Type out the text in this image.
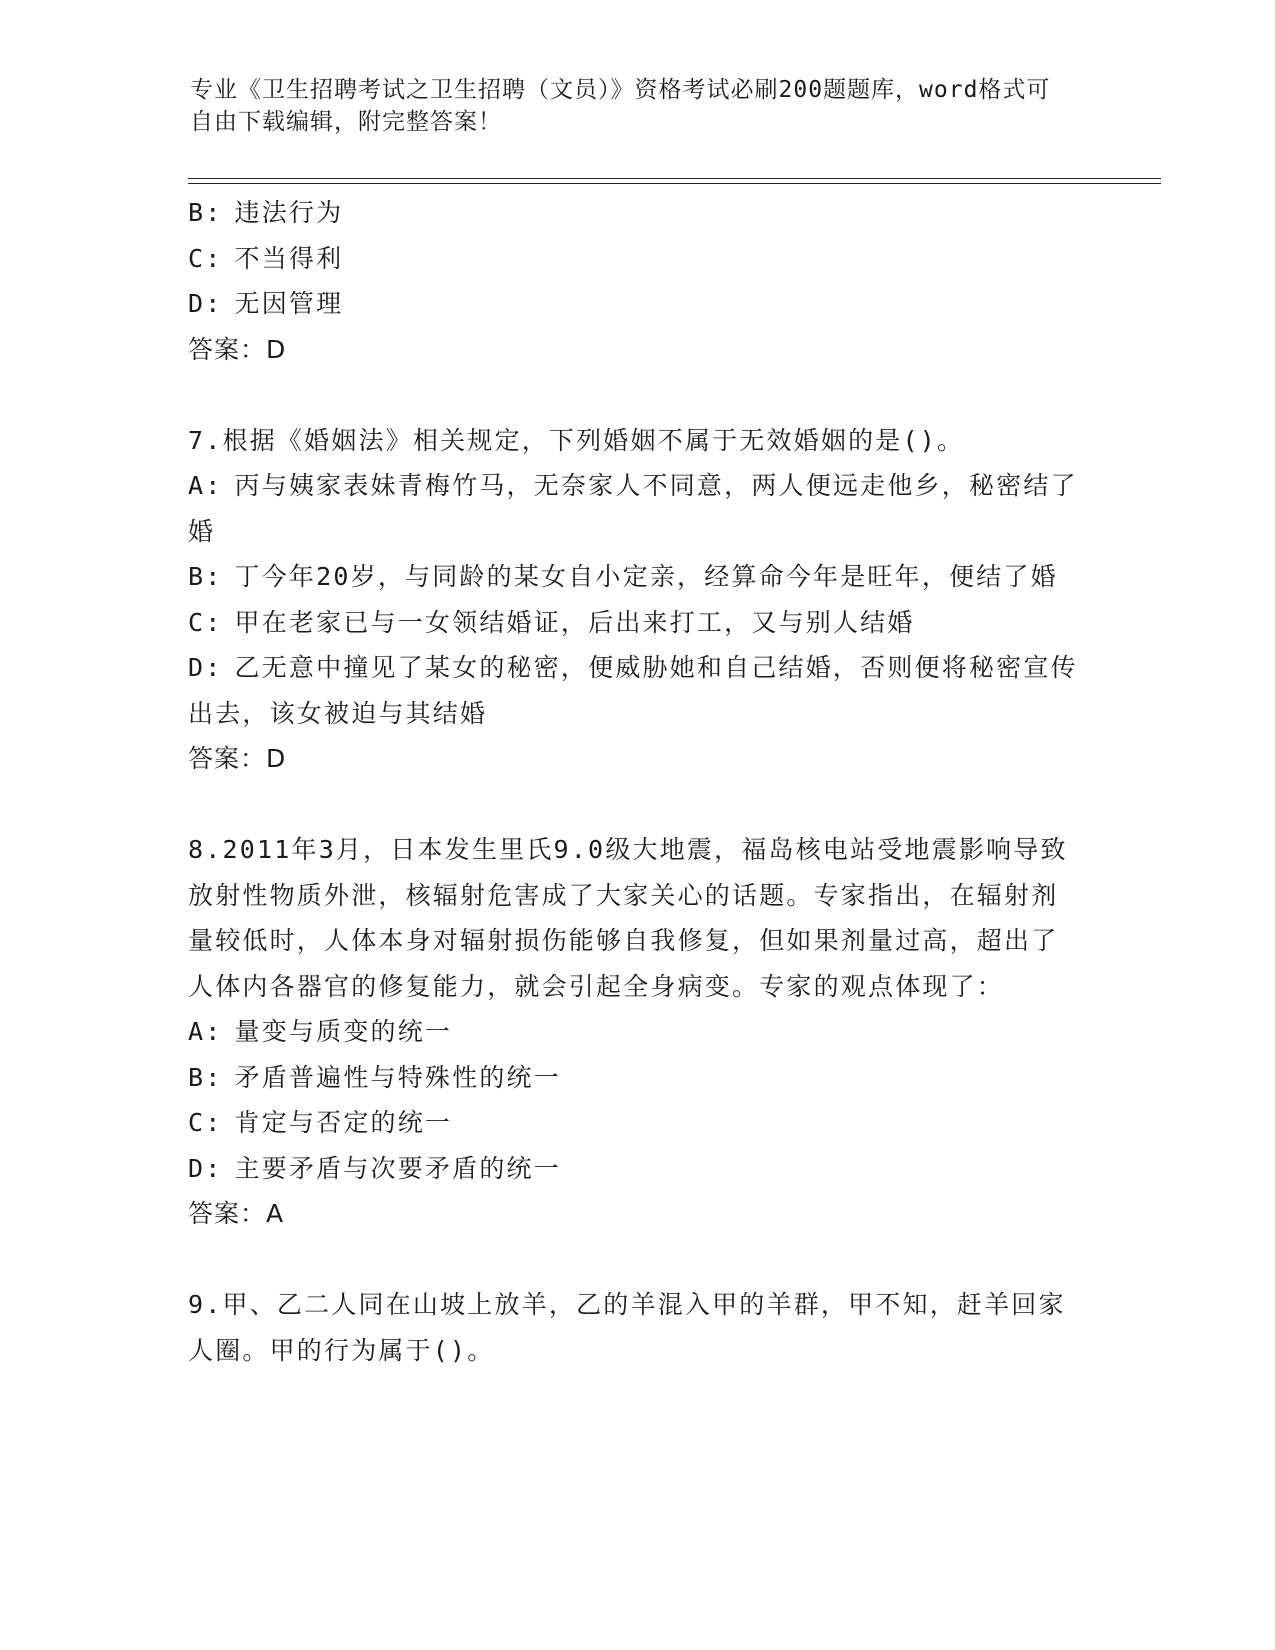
专业《卫生招聘考试之卫生招聘（文员）》资格考试必刷200题题库，word格式可自由下载编辑，附完整答案！
B: 违法行为
C: 不当得利
D: 无因管理
答案：D
7.根据《婚姻法》相关规定，下列婚姻不属于无效婚姻的是()。
A: 丙与姨家表妹青梅竹马，无奈家人不同意，两人便远走他乡，秘密结了婚
B: 丁今年20岁，与同龄的某女自小定亲，经算命今年是旺年，便结了婚
C: 甲在老家已与一女领结婚证，后出来打工，又与别人结婚
D: 乙无意中撞见了某女的秘密，便威胁她和自己结婚，否则便将秘密宣传出去，该女被迫与其结婚
答案：D
8.2011年3月，日本发生里氏9.0级大地震，福岛核电站受地震影响导致放射性物质外泄，核辐射危害成了大家关心的话题。专家指出，在辐射剂量较低时，人体本身对辐射损伤能够自我修复，但如果剂量过高，超出了人体内各器官的修复能力，就会引起全身病变。专家的观点体现了：
A: 量变与质变的统一
B: 矛盾普遍性与特殊性的统一
C: 肯定与否定的统一
D: 主要矛盾与次要矛盾的统一
答案：A
9.甲、乙二人同在山坡上放羊，乙的羊混入甲的羊群，甲不知，赶羊回家人圈。甲的行为属于()。
